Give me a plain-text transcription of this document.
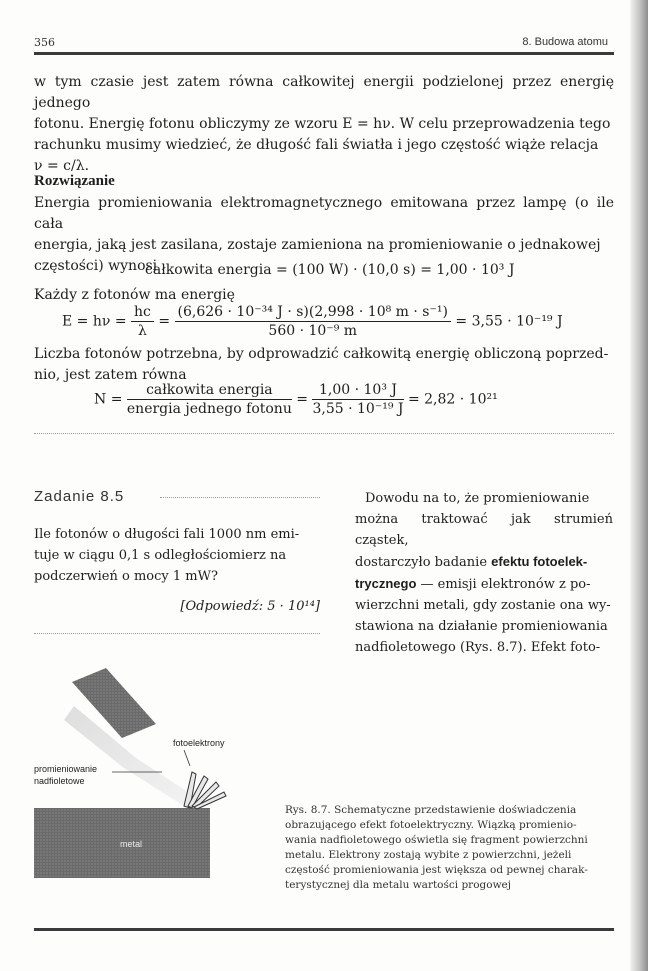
356	8. Budowa atomu

w tym czasie jest zatem równa całkowitej energii podzielonej przez energię jednego

fotonu. Energię fotonu obliczymy ze wzoru E = hν. W celu przeprowadzenia tego

rachunku musimy wiedzieć, że długość fali światła i jego częstość wiąże relacja

ν = c/λ.

Rozwiązanie

Energia promieniowania elektromagnetycznego emitowana przez lampę (o ile cała

energia, jaką jest zasilana, zostaje zamieniona na promieniowanie o jednakowej

częstości) wynosi

całkowita energia = (100 W) · (10,0 s) = 1,00 · 10³ J
Każdy z fotonów ma energię
$E = h\nu = \frac{hc}{\lambda} = \frac{\text{(6,626 · 10⁻³⁴ J · s)(2,998 · 10⁸ m · s⁻¹)}}{\text{560 · 10⁻⁹ m}} = 3,55 \cdot 10^{-19}$ J

Liczba fotonów potrzebna, by odprowadzić całkowitą energię obliczoną poprzed-

nio, jest zatem równa

$N = \frac{\text{całkowita energia}}{\text{energia jednego fotonu}} = \frac{\text{1,00 · 10³ J}}{\text{3,55 · 10⁻¹⁹ J}} = 2,82 \cdot 10^{21}$
Zadanie 8.5
Ile fotonów o długości fali 1000 nm emi-
tuje w ciągu 0,1 s odległościomierz na
podczerwień o mocy 1 mW?
[Odpowiedź: 5 · 10¹⁴]
Dowodu na to, że promieniowanie
można traktować jak strumień cząstek,
dostarczyło badanie efektu fotoelek-
trycznego — emisji elektronów z po-
wierzchni metali, gdy zostanie ona wy-
stawiona na działanie promieniowania
nadfioletowego (Rys. 8.7). Efekt foto-
fotoelektrony
promieniowanie
nadfioletowe
metal
Rys. 8.7. Schematyczne przedstawienie doświadczenia
obrazującego efekt fotoelektryczny. Wiązką promienio-
wania nadfioletowego oświetla się fragment powierzchni
metalu. Elektrony zostają wybite z powierzchni, jeżeli
częstość promieniowania jest większa od pewnej charak-
terystycznej dla metalu wartości progowej
